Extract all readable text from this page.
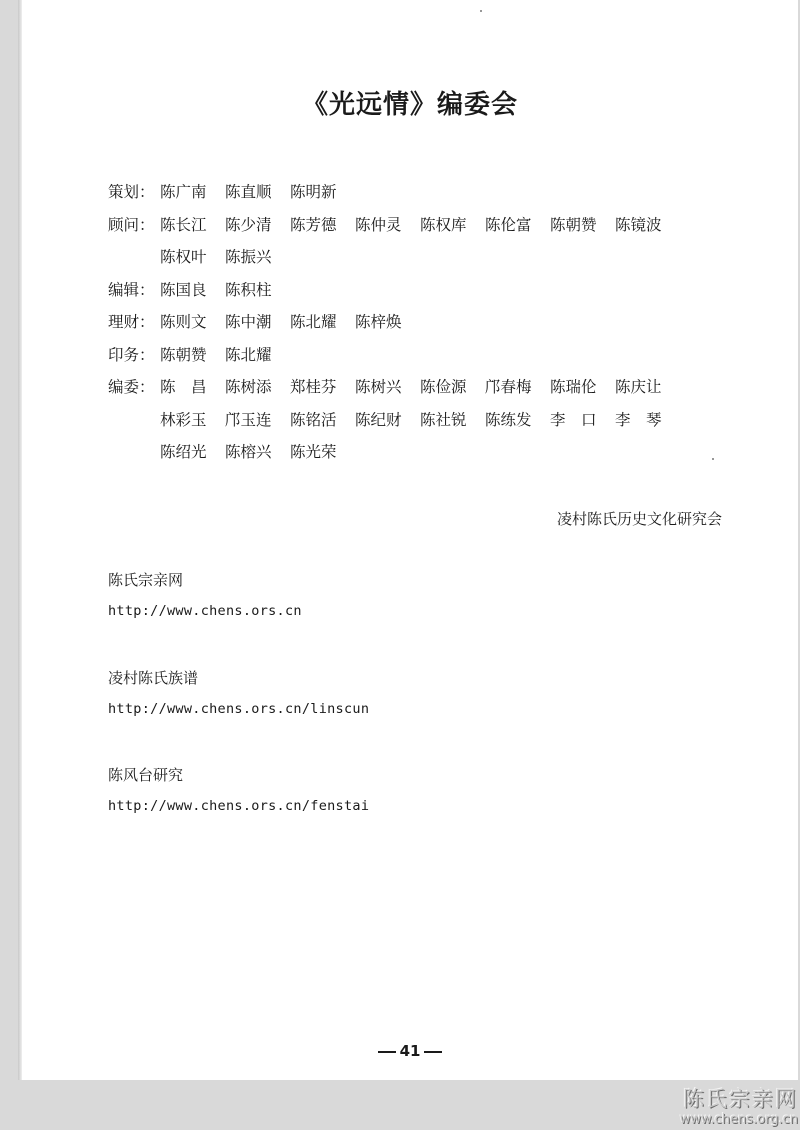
《光远情》编委会
策划： 陈广南	陈直顺	陈明新
顾问： 陈长江	陈少清	陈芳德	陈仲灵	陈权库	陈伦富	陈朝赞	陈镜波
陈权叶	陈振兴
编辑： 陈国良	陈积柱
理财： 陈则文	陈中潮	陈北耀	陈梓焕
印务： 陈朝赞	陈北耀
编委： 陈　昌	陈树添	郑桂芬	陈树兴	陈俭源	邝春梅	陈瑞伦	陈庆让
林彩玉	邝玉连	陈铭活	陈纪财	陈社锐	陈练发	李　口	李　琴
陈绍光	陈榕兴	陈光荣
凌村陈氏历史文化研究会
陈氏宗亲网
http://www.chens.ors.cn
凌村陈氏族谱
http://www.chens.ors.cn/linscun
陈风台研究
http://www.chens.ors.cn/fenstai
41
陈氏宗亲网
www.chens.org.cn
